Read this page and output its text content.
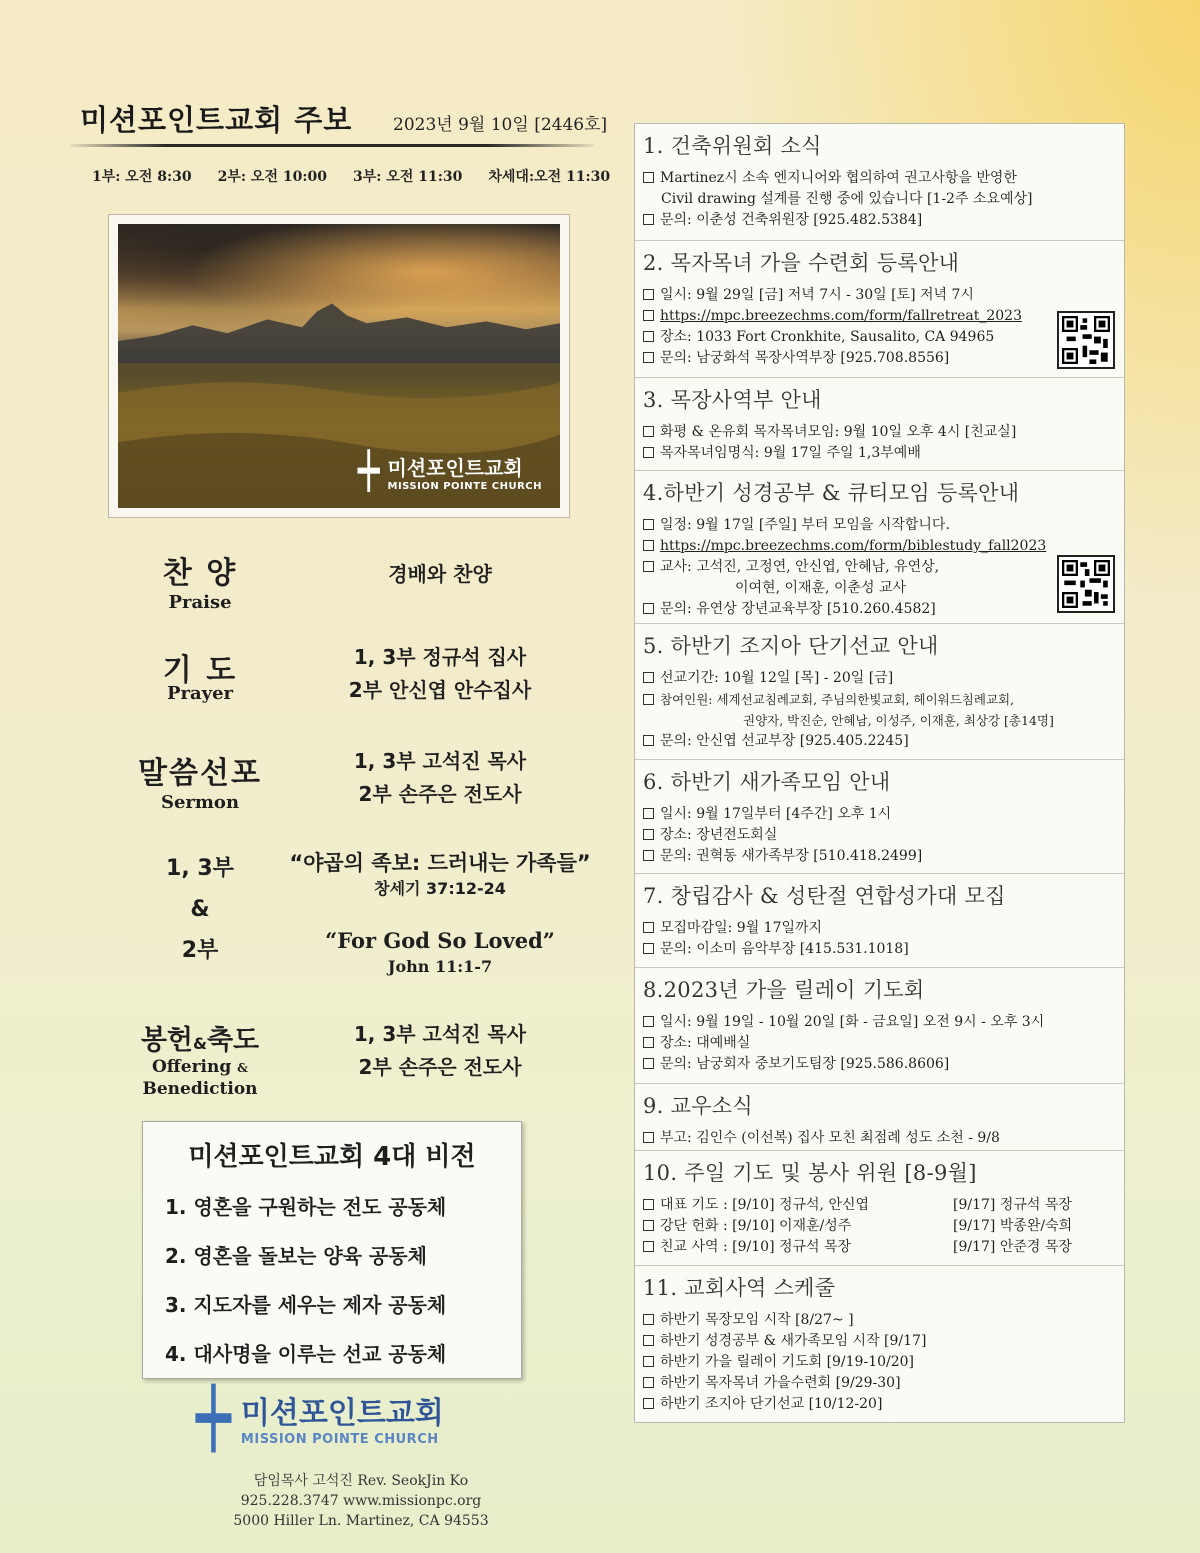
미션포인트교회 주보 2023년 9월 10일 [2446호]
1부: 오전 8:30 2부: 오전 10:00 3부: 오전 11:30 차세대:오전 11:30
┿ 미션포인트교회
MISSION POINTE CHURCH
찬 양
Praise
경배와 찬양
기 도
Prayer
1, 3부 정규석 집사
2부 안신엽 안수집사
말씀선포
Sermon
1, 3부 고석진 목사
2부 손주은 전도사
1, 3부
&
2부
“야곱의 족보: 드러내는 가족들”
창세기 37:12-24
“For God So Loved”
John 11:1-7
봉헌&축도
Offering &
Benediction
1, 3부 고석진 목사
2부 손주은 전도사
미션포인트교회 4대 비전
1. 영혼을 구원하는 전도 공동체
2. 영혼을 돌보는 양육 공동체
3. 지도자를 세우는 제자 공동체
4. 대사명을 이루는 선교 공동체
┿ 미션포인트교회
MISSION POINTE CHURCH
담임목사 고석진 Rev. SeokJin Ko
925.228.3747 www.missionpc.org
5000 Hiller Ln. Martinez, CA 94553
1. 건축위원회 소식
Martinez시 소속 엔지니어와 협의하여 권고사항을 반영한
Civil drawing 설계를 진행 중에 있습니다 [1-2주 소요예상]
문의: 이춘성 건축위원장 [925.482.5384]
2. 목자목녀 가을 수련회 등록안내
일시: 9월 29일 [금] 저녁 7시 - 30일 [토] 저녁 7시
https://mpc.breezechms.com/form/fallretreat_2023
장소: 1033 Fort Cronkhite, Sausalito, CA 94965
문의: 남궁화석 목장사역부장 [925.708.8556]
3. 목장사역부 안내
화평 & 온유회 목자목녀모임: 9월 10일 오후 4시 [친교실]
목자목녀임명식: 9월 17일 주일 1,3부예배
4.하반기 성경공부 & 큐티모임 등록안내
일정: 9월 17일 [주일] 부터 모임을 시작합니다.
https://mpc.breezechms.com/form/biblestudy_fall2023
교사: 고석진, 고정연, 안신엽, 안혜남, 유연상,
이여현, 이재훈, 이춘성 교사
문의: 유연상 장년교육부장 [510.260.4582]
5. 하반기 조지아 단기선교 안내
선교기간: 10월 12일 [목] - 20일 [금]
참여인원: 세계선교침례교회, 주님의한빛교회, 헤이워드침례교회,
권양자, 박진순, 안혜남, 이성주, 이재훈, 최상강 [총14명]
문의: 안신엽 선교부장 [925.405.2245]
6. 하반기 새가족모임 안내
일시: 9월 17일부터 [4주간] 오후 1시
장소: 장년전도회실
문의: 권혁동 새가족부장 [510.418.2499]
7. 창립감사 & 성탄절 연합성가대 모집
모집마감일: 9월 17일까지
문의: 이소미 음악부장 [415.531.1018]
8.2023년 가을 릴레이 기도회
일시: 9월 19일 - 10월 20일 [화 - 금요일] 오전 9시 - 오후 3시
장소: 대예배실
문의: 남궁회자 중보기도팀장 [925.586.8606]
9. 교우소식
부고: 김인수 (이선복) 집사 모친 최점례 성도 소천 - 9/8
10. 주일 기도 및 봉사 위원 [8-9월]
대표 기도 : [9/10] 정규석, 안신엽	[9/17] 정규석 목장
강단 헌화 : [9/10] 이재훈/성주	[9/17] 박종완/숙희
친교 사역 : [9/10] 정규석 목장	[9/17] 안준경 목장
11. 교회사역 스케줄
하반기 목장모임 시작 [8/27~ ]
하반기 성경공부 & 새가족모임 시작 [9/17]
하반기 가을 릴레이 기도회 [9/19-10/20]
하반기 목자목녀 가을수련회 [9/29-30]
하반기 조지아 단기선교 [10/12-20]
